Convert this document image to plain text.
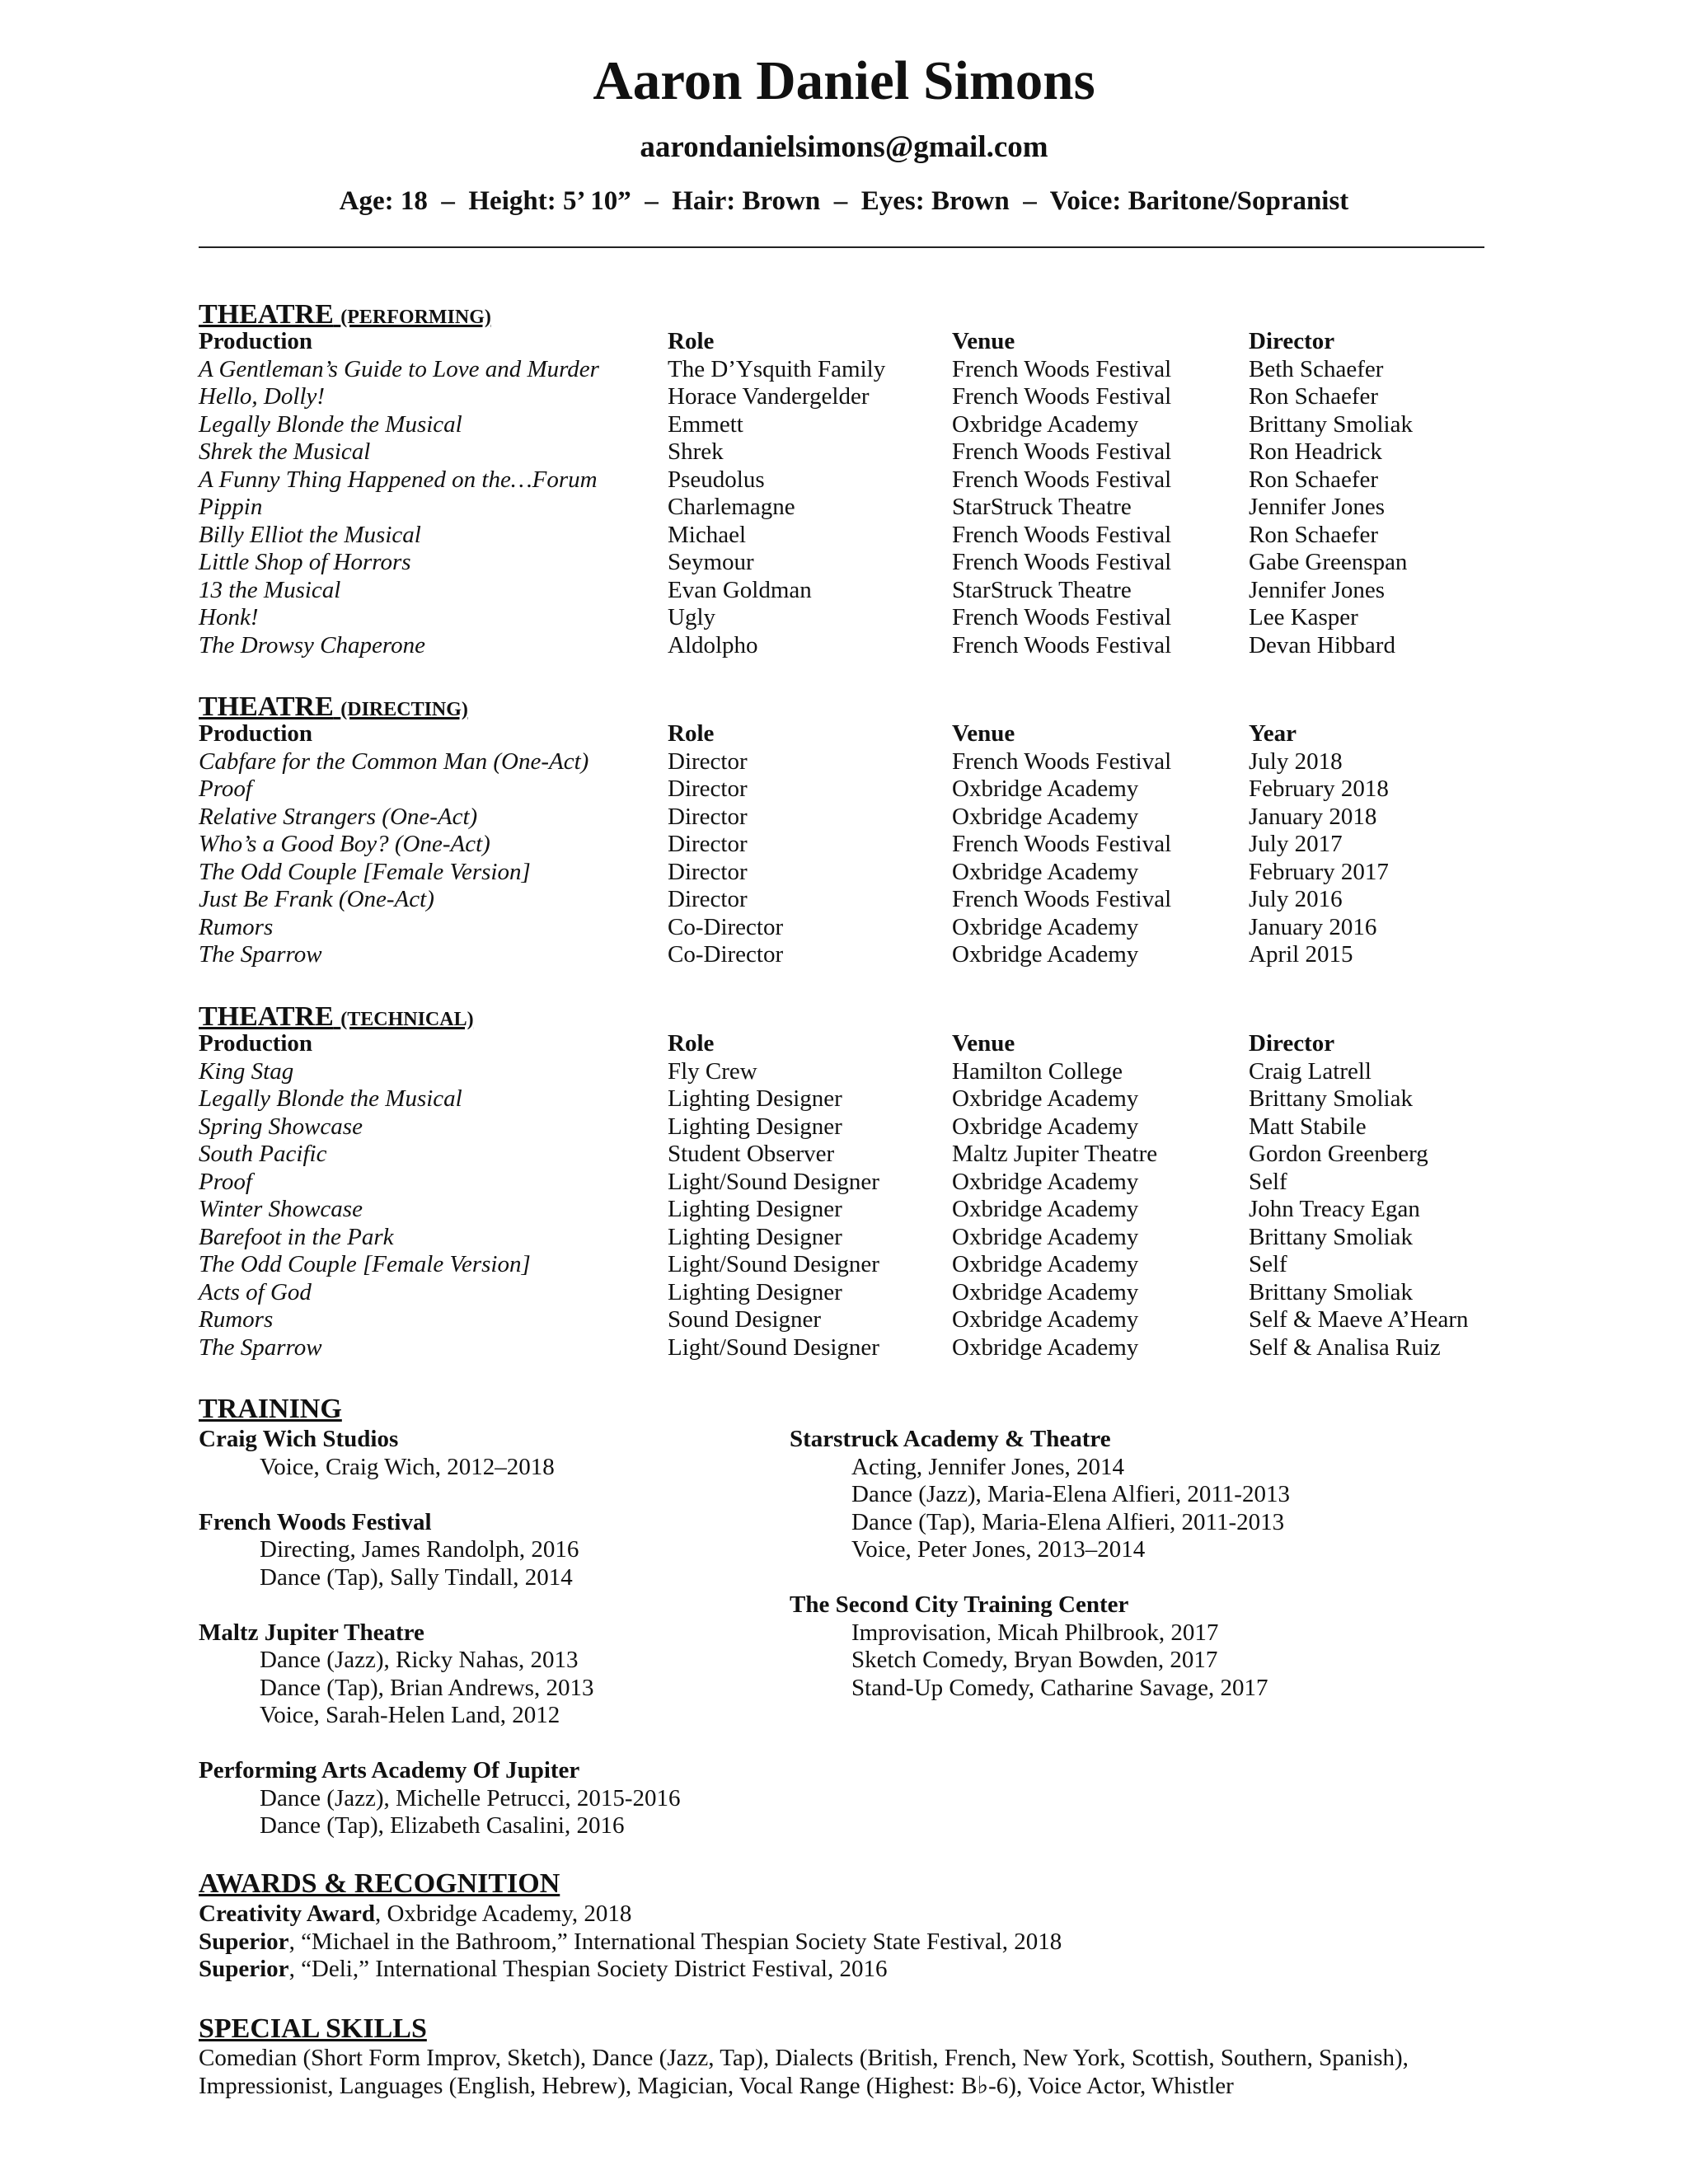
Aaron Daniel Simons
aarondanielsimons@gmail.com
Age: 18  –  Height: 5’ 10”  –  Hair: Brown  –  Eyes: Brown  –  Voice: Baritone/Sopranist
THEATRE (PERFORMING)
Production	Role	Venue	Director
A Gentleman’s Guide to Love and Murder	The D’Ysquith Family	French Woods Festival	Beth Schaefer
Hello, Dolly!	Horace Vandergelder	French Woods Festival	Ron Schaefer
Legally Blonde the Musical	Emmett	Oxbridge Academy	Brittany Smoliak
Shrek the Musical	Shrek	French Woods Festival	Ron Headrick
A Funny Thing Happened on the…Forum	Pseudolus	French Woods Festival	Ron Schaefer
Pippin	Charlemagne	StarStruck Theatre	Jennifer Jones
Billy Elliot the Musical	Michael	French Woods Festival	Ron Schaefer
Little Shop of Horrors	Seymour	French Woods Festival	Gabe Greenspan
13 the Musical	Evan Goldman	StarStruck Theatre	Jennifer Jones
Honk!	Ugly	French Woods Festival	Lee Kasper
The Drowsy Chaperone	Aldolpho	French Woods Festival	Devan Hibbard
THEATRE (DIRECTING)
Production	Role	Venue	Year
Cabfare for the Common Man (One-Act)	Director	French Woods Festival	July 2018
Proof	Director	Oxbridge Academy	February 2018
Relative Strangers (One-Act)	Director	Oxbridge Academy	January 2018
Who’s a Good Boy? (One-Act)	Director	French Woods Festival	July 2017
The Odd Couple [Female Version]	Director	Oxbridge Academy	February 2017
Just Be Frank (One-Act)	Director	French Woods Festival	July 2016
Rumors	Co-Director	Oxbridge Academy	January 2016
The Sparrow	Co-Director	Oxbridge Academy	April 2015
THEATRE (TECHNICAL)
Production	Role	Venue	Director
King Stag	Fly Crew	Hamilton College	Craig Latrell
Legally Blonde the Musical	Lighting Designer	Oxbridge Academy	Brittany Smoliak
Spring Showcase	Lighting Designer	Oxbridge Academy	Matt Stabile
South Pacific	Student Observer	Maltz Jupiter Theatre	Gordon Greenberg
Proof	Light/Sound Designer	Oxbridge Academy	Self
Winter Showcase	Lighting Designer	Oxbridge Academy	John Treacy Egan
Barefoot in the Park	Lighting Designer	Oxbridge Academy	Brittany Smoliak
The Odd Couple [Female Version]	Light/Sound Designer	Oxbridge Academy	Self
Acts of God	Lighting Designer	Oxbridge Academy	Brittany Smoliak
Rumors	Sound Designer	Oxbridge Academy	Self & Maeve A’Hearn
The Sparrow	Light/Sound Designer	Oxbridge Academy	Self & Analisa Ruiz
TRAINING
Craig Wich Studios
Voice, Craig Wich, 2012–2018
French Woods Festival
Directing, James Randolph, 2016
Dance (Tap), Sally Tindall, 2014
Maltz Jupiter Theatre
Dance (Jazz), Ricky Nahas, 2013
Dance (Tap), Brian Andrews, 2013
Voice, Sarah-Helen Land, 2012
Performing Arts Academy Of Jupiter
Dance (Jazz), Michelle Petrucci, 2015-2016
Dance (Tap), Elizabeth Casalini, 2016
Starstruck Academy & Theatre
Acting, Jennifer Jones, 2014
Dance (Jazz), Maria-Elena Alfieri, 2011-2013
Dance (Tap), Maria-Elena Alfieri, 2011-2013
Voice, Peter Jones, 2013–2014
The Second City Training Center
Improvisation, Micah Philbrook, 2017
Sketch Comedy, Bryan Bowden, 2017
Stand-Up Comedy, Catharine Savage, 2017
AWARDS & RECOGNITION
Creativity Award, Oxbridge Academy, 2018
Superior, “Michael in the Bathroom,” International Thespian Society State Festival, 2018
Superior, “Deli,” International Thespian Society District Festival, 2016
SPECIAL SKILLS
Comedian (Short Form Improv, Sketch), Dance (Jazz, Tap), Dialects (British, French, New York, Scottish, Southern, Spanish),
Impressionist, Languages (English, Hebrew), Magician, Vocal Range (Highest: B♭-6), Voice Actor, Whistler
